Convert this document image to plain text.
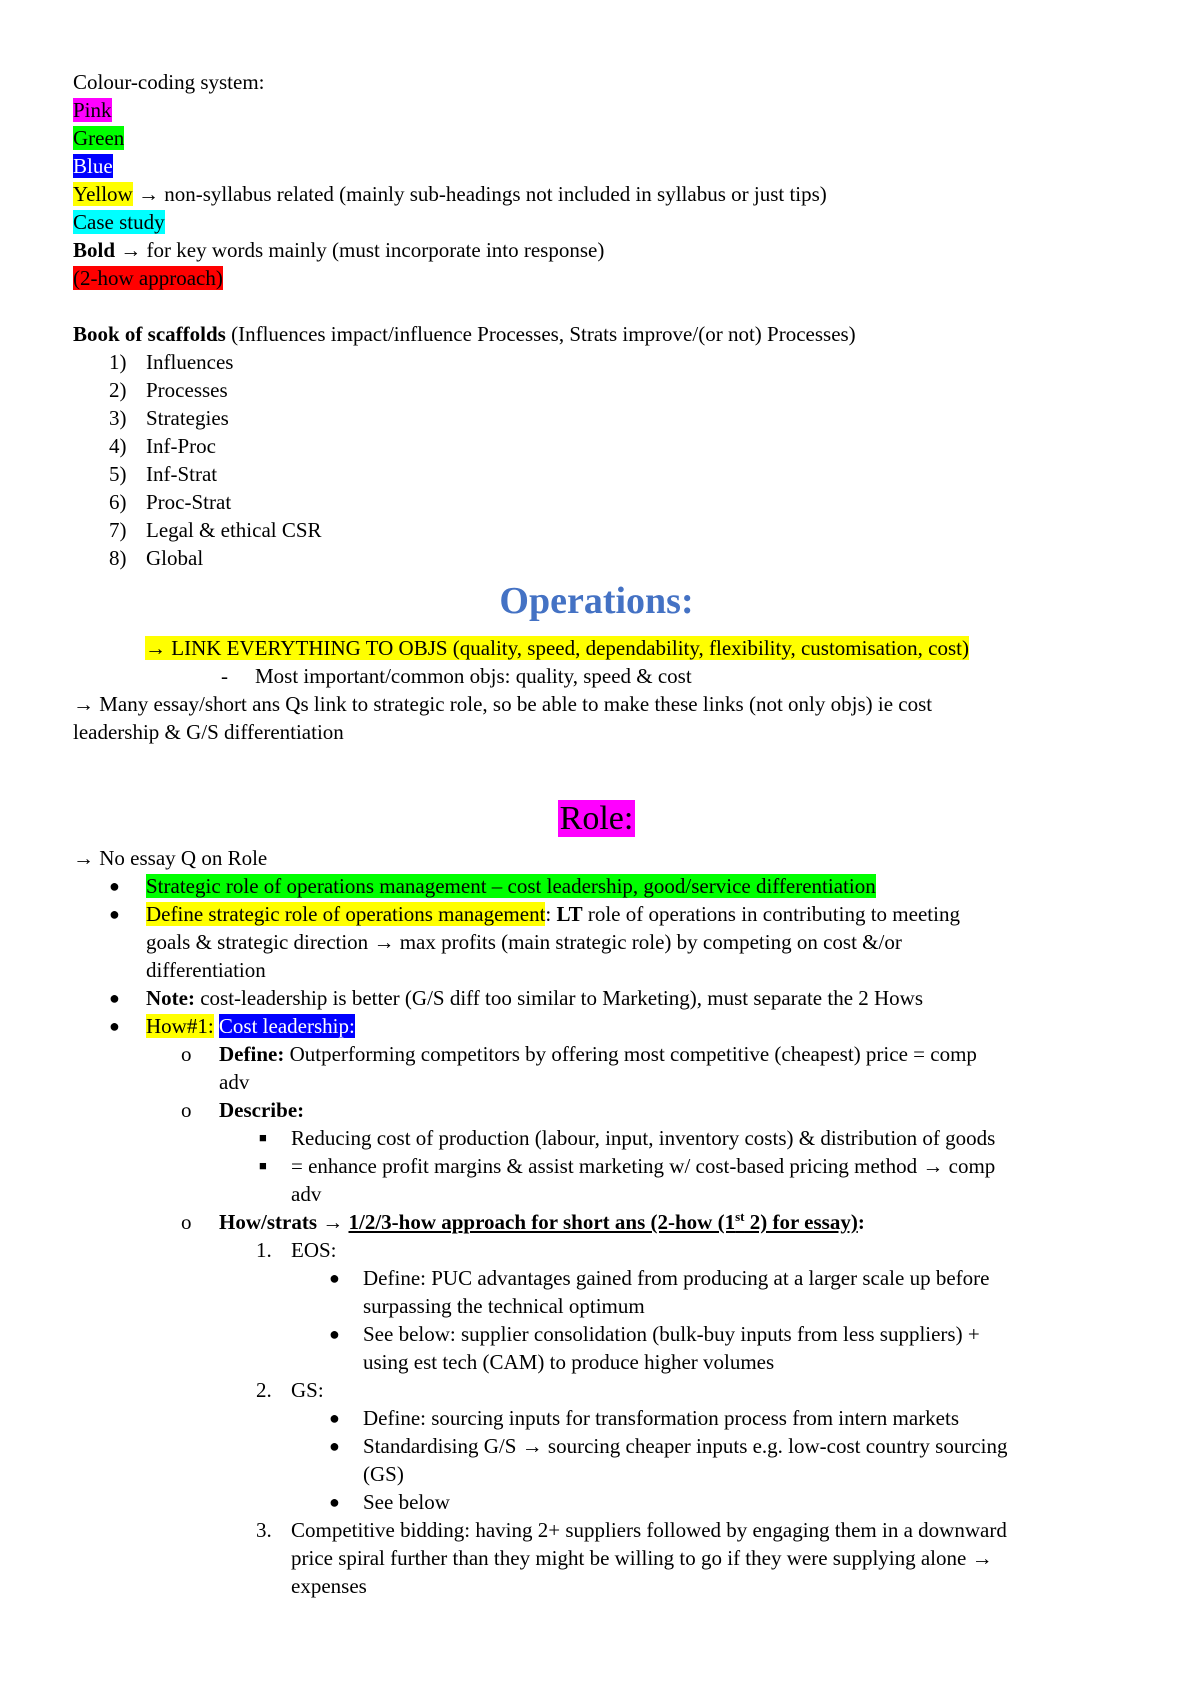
Colour-coding system:
Pink
Green
Blue
Yellow → non-syllabus related (mainly sub-headings not included in syllabus or just tips)
Case study
Bold → for key words mainly (must incorporate into response)
(2-how approach)
Book of scaffolds (Influences impact/influence Processes, Strats improve/(or not) Processes)
1) Influences
2) Processes
3) Strategies
4) Inf-Proc
5) Inf-Strat
6) Proc-Strat
7) Legal & ethical CSR
8) Global
Operations:
→ LINK EVERYTHING TO OBJS (quality, speed, dependability, flexibility, customisation, cost)
- Most important/common objs: quality, speed & cost
→ Many essay/short ans Qs link to strategic role, so be able to make these links (not only objs) ie cost
leadership & G/S differentiation
Role:
→ No essay Q on Role
● Strategic role of operations management – cost leadership, good/service differentiation
● Define strategic role of operations management: LT role of operations in contributing to meeting
goals & strategic direction → max profits (main strategic role) by competing on cost &/or
differentiation
● Note: cost-leadership is better (G/S diff too similar to Marketing), must separate the 2 Hows
● How#1: Cost leadership:
o Define: Outperforming competitors by offering most competitive (cheapest) price = comp
adv
o Describe:
■ Reducing cost of production (labour, input, inventory costs) & distribution of goods
■ = enhance profit margins & assist marketing w/ cost-based pricing method → comp
adv
o How/strats → 1/2/3-how approach for short ans (2-how (1st 2) for essay):
1. EOS:
● Define: PUC advantages gained from producing at a larger scale up before
surpassing the technical optimum
● See below: supplier consolidation (bulk-buy inputs from less suppliers) +
using est tech (CAM) to produce higher volumes
2. GS:
● Define: sourcing inputs for transformation process from intern markets
● Standardising G/S → sourcing cheaper inputs e.g. low-cost country sourcing
(GS)
● See below
3. Competitive bidding: having 2+ suppliers followed by engaging them in a downward
price spiral further than they might be willing to go if they were supplying alone →
expenses
